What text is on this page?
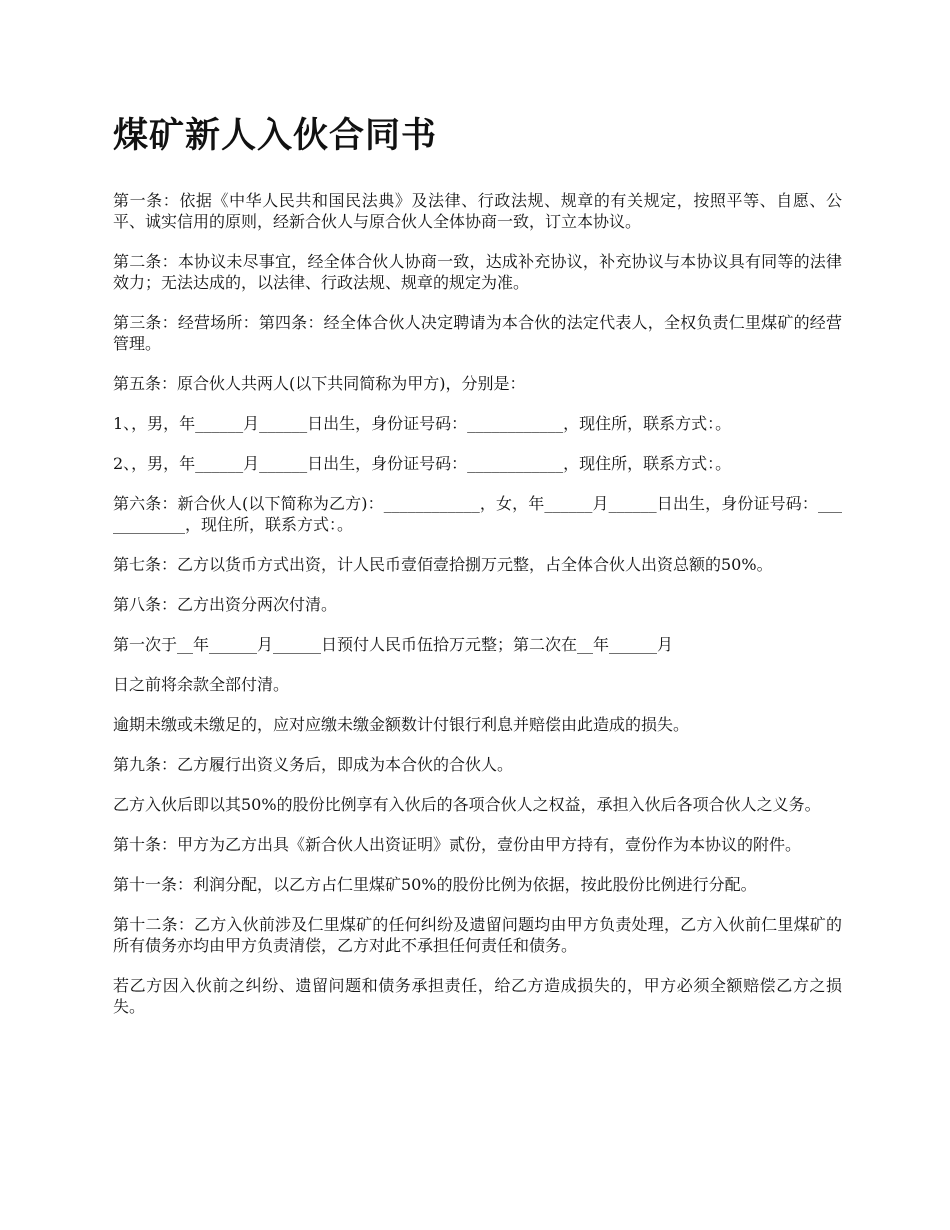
煤矿新人入伙合同书

第一条：依据《中华人民共和国民法典》及法律、行政法规、规章的有关规定，按照平等、自愿、公平、诚实信用的原则，经新合伙人与原合伙人全体协商一致，订立本协议。

第二条：本协议未尽事宜，经全体合伙人协商一致，达成补充协议，补充协议与本协议具有同等的法律效力；无法达成的，以法律、行政法规、规章的规定为准。

第三条：经营场所：第四条：经全体合伙人决定聘请为本合伙的法定代表人，全权负责仁里煤矿的经营管理。

第五条：原合伙人共两人(以下共同简称为甲方)，分别是：

1、，男，年______月______日出生，身份证号码：____________，现住所，联系方式：。

2、，男，年______月______日出生，身份证号码：____________，现住所，联系方式：。

第六条：新合伙人(以下简称为乙方)：____________，女，年______月______日出生，身份证号码：____________，现住所，联系方式：。

第七条：乙方以货币方式出资，计人民币壹佰壹拾捌万元整，占全体合伙人出资总额的50%。

第八条：乙方出资分两次付清。

第一次于__年______月______日预付人民币伍拾万元整；第二次在__年______月

日之前将余款全部付清。

逾期未缴或未缴足的，应对应缴未缴金额数计付银行利息并赔偿由此造成的损失。

第九条：乙方履行出资义务后，即成为本合伙的合伙人。

乙方入伙后即以其50%的股份比例享有入伙后的各项合伙人之权益，承担入伙后各项合伙人之义务。

第十条：甲方为乙方出具《新合伙人出资证明》贰份，壹份由甲方持有，壹份作为本协议的附件。

第十一条：利润分配，以乙方占仁里煤矿50%的股份比例为依据，按此股份比例进行分配。

第十二条：乙方入伙前涉及仁里煤矿的任何纠纷及遗留问题均由甲方负责处理，乙方入伙前仁里煤矿的所有债务亦均由甲方负责清偿，乙方对此不承担任何责任和债务。

若乙方因入伙前之纠纷、遗留问题和债务承担责任，给乙方造成损失的，甲方必须全额赔偿乙方之损失。
